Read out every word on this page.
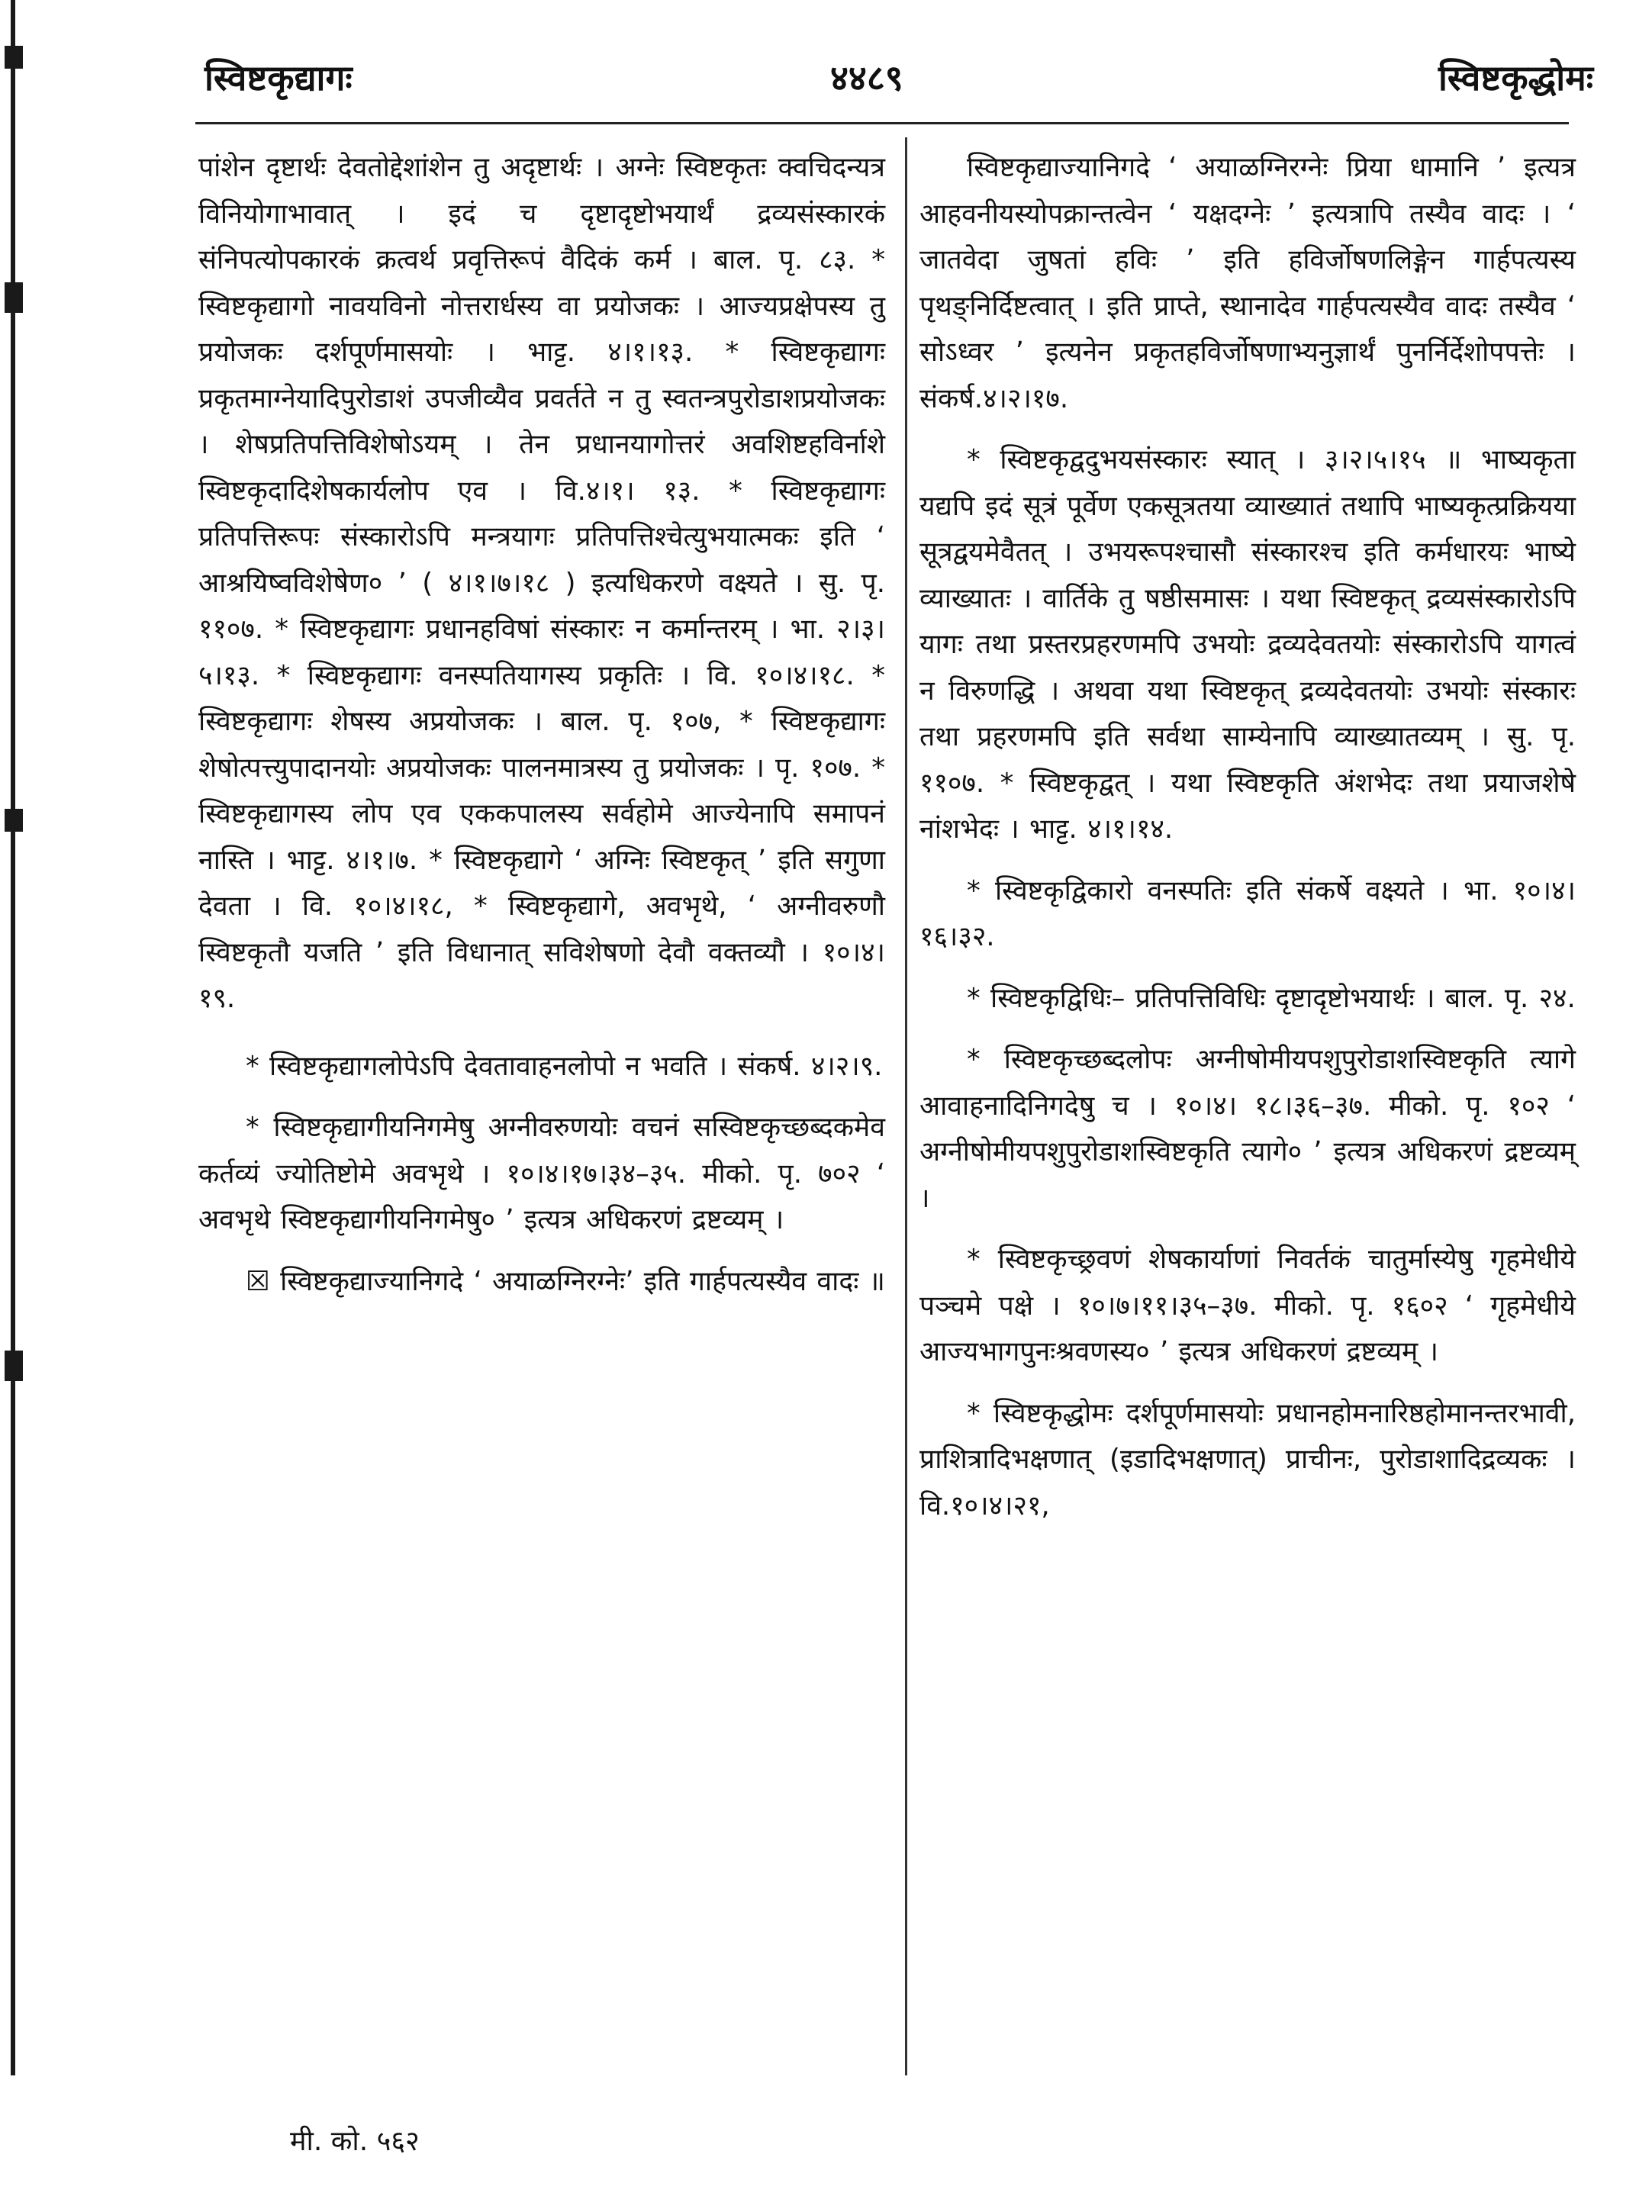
स्विष्टकृद्यागः	४४८९	स्विष्टकृद्धोमः

पांशेन दृष्टार्थः देवतोद्देशांशेन तु अदृष्टार्थः । अग्नेः स्विष्टकृतः क्वचिदन्यत्र विनियोगाभावात् । इदं च दृष्टादृष्टोभयार्थं द्रव्यसंस्कारकं संनिपत्योपकारकं क्रत्वर्थ प्रवृत्तिरूपं वैदिकं कर्म । बाल. पृ. ८३. * स्विष्टकृद्यागो नावयविनो नोत्तरार्धस्य वा प्रयोजकः । आज्यप्रक्षेपस्य तु प्रयोजकः दर्शपूर्णमासयोः । भाट्ट. ४।१।१३. * स्विष्टकृद्यागः प्रकृतमाग्नेयादिपुरोडाशं उपजीव्यैव प्रवर्तते न तु स्वतन्त्रपुरोडाशप्रयोजकः । शेषप्रतिपत्तिविशेषोऽयम् । तेन प्रधानयागोत्तरं अवशिष्टहविर्नाशे स्विष्टकृदादिशेषकार्यलोप एव । वि.४।१। १३. * स्विष्टकृद्यागः प्रतिपत्तिरूपः संस्कारोऽपि मन्त्रयागः प्रतिपत्तिश्चेत्युभयात्मकः इति ‘ आश्रयिष्वविशेषेण० ’ ( ४।१।७।१८ ) इत्यधिकरणे वक्ष्यते । सु. पृ. ११०७. * स्विष्टकृद्यागः प्रधानहविषां संस्कारः न कर्मान्तरम् । भा. २।३।५।१३. * स्विष्टकृद्यागः वनस्पतियागस्य प्रकृतिः । वि. १०।४।१८. * स्विष्टकृद्यागः शेषस्य अप्रयोजकः । बाल. पृ. १०७, * स्विष्टकृद्यागः शेषोत्पत्त्युपादानयोः अप्रयोजकः पालनमात्रस्य तु प्रयोजकः । पृ. १०७. * स्विष्टकृद्यागस्य लोप एव एककपालस्य सर्वहोमे आज्येनापि समापनं नास्ति । भाट्ट. ४।१।७. * स्विष्टकृद्यागे ‘ अग्निः स्विष्टकृत् ’ इति सगुणा देवता । वि. १०।४।१८, * स्विष्टकृद्यागे, अवभृथे, ‘ अग्नीवरुणौ स्विष्टकृतौ यजति ’ इति विधानात् सविशेषणो देवौ वक्तव्यौ । १०।४।१९.

* स्विष्टकृद्यागलोपेऽपि देवतावाहनलोपो न भवति । संकर्ष. ४।२।९.

* स्विष्टकृद्यागीयनिगमेषु अग्नीवरुणयोः वचनं सस्विष्टकृच्छब्दकमेव कर्तव्यं ज्योतिष्टोमे अवभृथे । १०।४।१७।३४–३५. मीको. पृ. ७०२ ‘ अवभृथे स्विष्टकृद्यागीयनिगमेषु० ’ इत्यत्र अधिकरणं द्रष्टव्यम् ।

☒ स्विष्टकृद्याज्यानिगदे ‘ अयाळग्निरग्नेः’ इति गार्हपत्यस्यैव वादः ॥

स्विष्टकृद्याज्यानिगदे ‘ अयाळग्निरग्नेः प्रिया धामानि ’ इत्यत्र आहवनीयस्योपक्रान्तत्वेन ‘ यक्षदग्नेः ’ इत्यत्रापि तस्यैव वादः । ‘ जातवेदा जुषतां हविः ’ इति हविर्जोषणलिङ्गेन गार्हपत्यस्य पृथङ्निर्दिष्टत्वात् । इति प्राप्ते, स्थानादेव गार्हपत्यस्यैव वादः तस्यैव ‘ सोऽध्वर ’ इत्यनेन प्रकृतहविर्जोषणाभ्यनुज्ञार्थं पुनर्निर्देशोपपत्तेः । संकर्ष.४।२।१७.

* स्विष्टकृद्वदुभयसंस्कारः स्यात् । ३।२।५।१५ ॥ भाष्यकृता यद्यपि इदं सूत्रं पूर्वेण एकसूत्रतया व्याख्यातं तथापि भाष्यकृत्प्रक्रियया सूत्रद्वयमेवैतत् । उभयरूपश्चासौ संस्कारश्च इति कर्मधारयः भाष्ये व्याख्यातः । वार्तिके तु षष्ठीसमासः । यथा स्विष्टकृत् द्रव्यसंस्कारोऽपि यागः तथा प्रस्तरप्रहरणमपि उभयोः द्रव्यदेवतयोः संस्कारोऽपि यागत्वं न विरुणद्धि । अथवा यथा स्विष्टकृत् द्रव्यदेवतयोः उभयोः संस्कारः तथा प्रहरणमपि इति सर्वथा साम्येनापि व्याख्यातव्यम् । सु. पृ. ११०७. * स्विष्टकृद्वत् । यथा स्विष्टकृति अंशभेदः तथा प्रयाजशेषे नांशभेदः । भाट्ट. ४।१।१४.

* स्विष्टकृद्विकारो वनस्पतिः इति संकर्षे वक्ष्यते । भा. १०।४।१६।३२.

* स्विष्टकृद्विधिः– प्रतिपत्तिविधिः दृष्टादृष्टोभयार्थः । बाल. पृ. २४.

* स्विष्टकृच्छब्दलोपः अग्नीषोमीयपशुपुरोडाशस्विष्टकृति त्यागे आवाहनादिनिगदेषु च । १०।४। १८।३६–३७. मीको. पृ. १०२ ‘ अग्नीषोमीयपशुपुरोडाशस्विष्टकृति त्यागे० ’ इत्यत्र अधिकरणं द्रष्टव्यम् ।

* स्विष्टकृच्छ्रवणं शेषकार्याणां निवर्तकं चातुर्मास्येषु गृहमेधीये पञ्चमे पक्षे । १०।७।११।३५–३७. मीको. पृ. १६०२ ‘ गृहमेधीये आज्यभागपुनःश्रवणस्य० ’ इत्यत्र अधिकरणं द्रष्टव्यम् ।

* स्विष्टकृद्धोमः दर्शपूर्णमासयोः प्रधानहोमनारिष्ठहोमानन्तरभावी, प्राशित्रादिभक्षणात् (इडादिभक्षणात्) प्राचीनः, पुरोडाशादिद्रव्यकः । वि.१०।४।२१,

मी. को. ५६२
